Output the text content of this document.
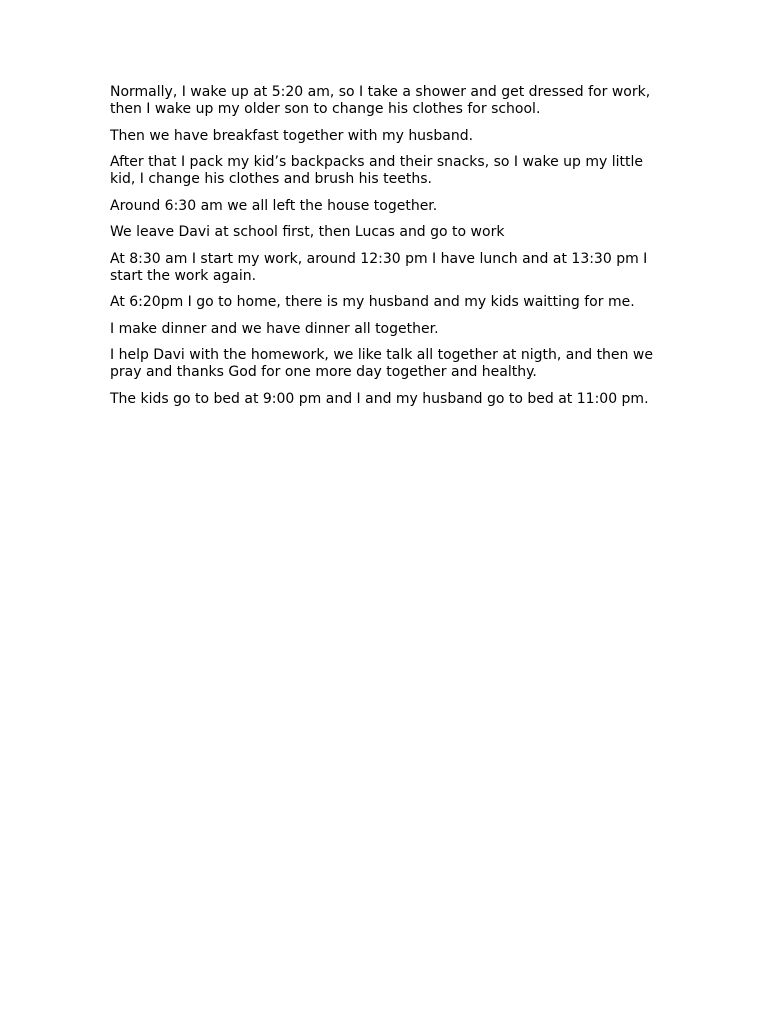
Normally, I wake up at 5:20 am, so I take a shower and get dressed for work, then I wake up my older son to change his clothes for school.

Then we have breakfast together with my husband.

After that I pack my kid’s backpacks and their snacks, so I wake up my little kid, I change his clothes and brush his teeths.

Around 6:30 am we all left the house together.

We leave Davi at school first, then Lucas and go to work

At 8:30 am I start my work, around 12:30 pm I have lunch and at 13:30 pm I start the work again.

At 6:20pm I go to home, there is my husband and my kids waitting for me.

I make dinner and we have dinner all together.

I help Davi with the homework, we like talk all together at nigth, and then we pray and thanks God for one more day together and healthy.

The kids go to bed at 9:00 pm and I and my husband go to bed at 11:00 pm.
